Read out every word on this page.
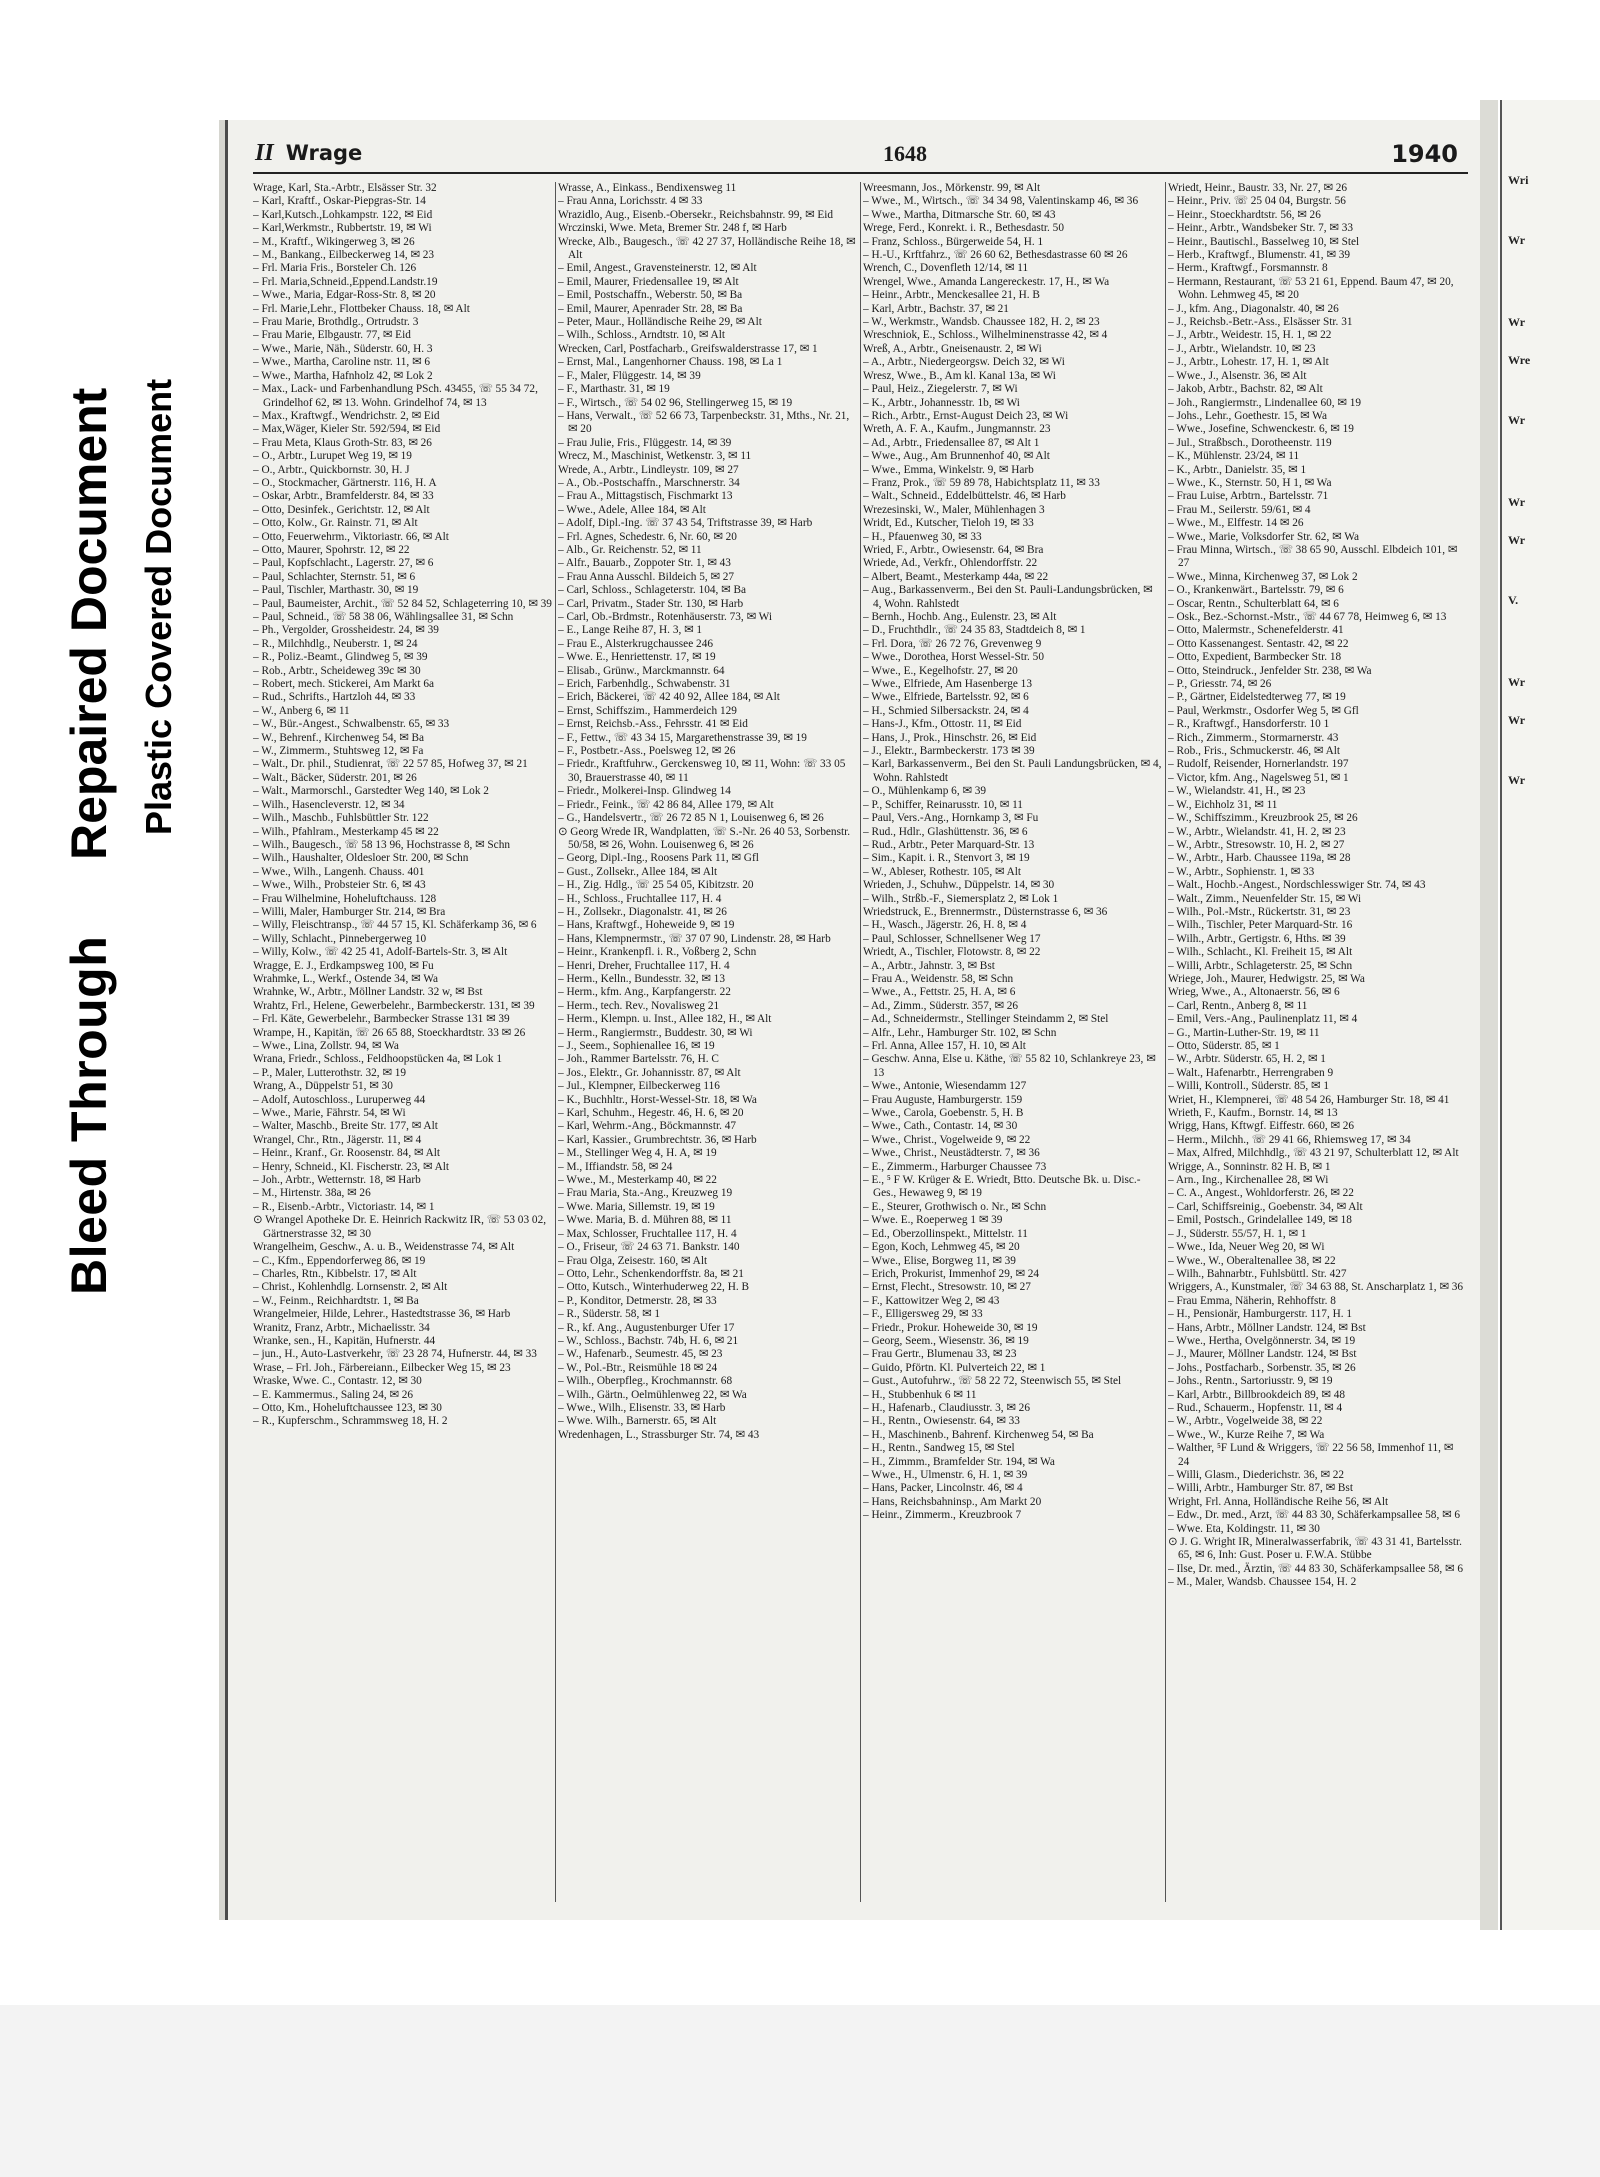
Bleed Through
Repaired Document Plastic Covered Document
II Wrage	1648	1940

Wrage, Karl, Sta.-Arbtr., Elsässer Str. 32

– Karl, Kraftf., Oskar-Piepgras-Str. 14

– Karl,Kutsch.,Lohkampstr. 122, ✉ Eid

– Karl,Werkmstr., Rubbertstr. 19, ✉ Wi

– M., Kraftf., Wikingerweg 3, ✉ 26

– M., Bankang., Eilbeckerweg 14, ✉ 23

– Frl. Maria Fris., Borsteler Ch. 126

– Frl. Maria,Schneid.,Eppend.Landstr.19

– Wwe., Maria, Edgar-Ross-Str. 8, ✉ 20

– Frl. Marie,Lehr., Flottbeker Chauss. 18, ✉ Alt

– Frau Marie, Brothdlg., Ortrudstr. 3

– Frau Marie, Elbgaustr. 77, ✉ Eid

– Wwe., Marie, Näh., Süderstr. 60, H. 3

– Wwe., Martha, Caroline nstr. 11, ✉ 6

– Wwe., Martha, Hafnholz 42, ✉ Lok 2

– Max., Lack- und Farbenhandlung PSch. 43455, ☏ 55 34 72, Grindelhof 62, ✉ 13. Wohn. Grindelhof 74, ✉ 13

– Max., Kraftwgf., Wendrichstr. 2, ✉ Eid

– Max,Wäger, Kieler Str. 592/594, ✉ Eid

– Frau Meta, Klaus Groth-Str. 83, ✉ 26

– O., Arbtr., Lurupet Weg 19, ✉ 19

– O., Arbtr., Quickbornstr. 30, H. J

– O., Stockmacher, Gärtnerstr. 116, H. A

– Oskar, Arbtr., Bramfelderstr. 84, ✉ 33

– Otto, Desinfek., Gerichtstr. 12, ✉ Alt

– Otto, Kolw., Gr. Rainstr. 71, ✉ Alt

– Otto, Feuerwehrm., Viktoriastr. 66, ✉ Alt

– Otto, Maurer, Spohrstr. 12, ✉ 22

– Paul, Kopfschlacht., Lagerstr. 27, ✉ 6

– Paul, Schlachter, Sternstr. 51, ✉ 6

– Paul, Tischler, Marthastr. 30, ✉ 19

– Paul, Baumeister, Archit., ☏ 52 84 52, Schlageterring 10, ✉ 39

– Paul, Schneid., ☏ 58 38 06, Wählingsallee 31, ✉ Schn

– Ph., Vergolder, Grossheidestr. 24, ✉ 39

– R., Milchhdlg., Neuberstr. 1, ✉ 24

– R., Poliz.-Beamt., Glindweg 5, ✉ 39

– Rob., Arbtr., Scheideweg 39c ✉ 30

– Robert, mech. Stickerei, Am Markt 6a

– Rud., Schrifts., Hartzloh 44, ✉ 33

– W., Anberg 6, ✉ 11

– W., Bür.-Angest., Schwalbenstr. 65, ✉ 33

– W., Behrenf., Kirchenweg 54, ✉ Ba

– W., Zimmerm., Stuhtsweg 12, ✉ Fa

– Walt., Dr. phil., Studienrat, ☏ 22 57 85, Hofweg 37, ✉ 21

– Walt., Bäcker, Süderstr. 201, ✉ 26

– Walt., Marmorschl., Garstedter Weg 140, ✉ Lok 2

– Wilh., Hasencleverstr. 12, ✉ 34

– Wilh., Maschb., Fuhlsbüttler Str. 122

– Wilh., Pfahlram., Mesterkamp 45 ✉ 22

– Wilh., Baugesch., ☏ 58 13 96, Hochstrasse 8, ✉ Schn

– Wilh., Haushalter, Oldesloer Str. 200, ✉ Schn

– Wwe., Wilh., Langenh. Chauss. 401

– Wwe., Wilh., Probsteier Str. 6, ✉ 43

– Frau Wilhelmine, Hoheluftchauss. 128

– Willi, Maler, Hamburger Str. 214, ✉ Bra

– Willy, Fleischtransp., ☏ 44 57 15, Kl. Schäferkamp 36, ✉ 6

– Willy, Schlacht., Pinnebergerweg 10

– Willy, Kolw., ☏ 42 25 41, Adolf-Bartels-Str. 3, ✉ Alt

Wragge, E. J., Erdkampsweg 100, ✉ Fu

Wrahmke, L., Werkf., Ostende 34, ✉ Wa

Wrahnke, W., Arbtr., Möllner Landstr. 32 w, ✉ Bst

Wrahtz, Frl., Helene, Gewerbelehr., Barmbeckerstr. 131, ✉ 39

– Frl. Käte, Gewerbelehr., Barmbecker Strasse 131 ✉ 39

Wrampe, H., Kapitän, ☏ 26 65 88, Stoeckhardtstr. 33 ✉ 26

– Wwe., Lina, Zollstr. 94, ✉ Wa

Wrana, Friedr., Schloss., Feldhoopstücken 4a, ✉ Lok 1

– P., Maler, Lutterothstr. 32, ✉ 19

Wrang, A., Düppelstr 51, ✉ 30

– Adolf, Autoschloss., Luruperweg 44

– Wwe., Marie, Fährstr. 54, ✉ Wi

– Walter, Maschb., Breite Str. 177, ✉ Alt

Wrangel, Chr., Rtn., Jägerstr. 11, ✉ 4

– Heinr., Kranf., Gr. Roosenstr. 84, ✉ Alt

– Henry, Schneid., Kl. Fischerstr. 23, ✉ Alt

– Joh., Arbtr., Wetternstr. 18, ✉ Harb

– M., Hirtenstr. 38a, ✉ 26

– R., Eisenb.-Arbtr., Victoriastr. 14, ✉ 1

⊙ Wrangel Apotheke Dr. E. Heinrich Rackwitz IR, ☏ 53 03 02, Gärtnerstrasse 32, ✉ 30

Wrangelheim, Geschw., A. u. B., Weidenstrasse 74, ✉ Alt

– C., Kfm., Eppendorferweg 86, ✉ 19

– Charles, Rtn., Kibbelstr. 17, ✉ Alt

– Christ., Kohlenhdlg. Lornsenstr. 2, ✉ Alt

– W., Feinm., Reichhardtstr. 1, ✉ Ba

Wrangelmeier, Hilde, Lehrer., Hastedtstrasse 36, ✉ Harb

Wranitz, Franz, Arbtr., Michaelisstr. 34

Wranke, sen., H., Kapitän, Hufnerstr. 44

– jun., H., Auto-Lastverkehr, ☏ 23 28 74, Hufnerstr. 44, ✉ 33

Wrase, – Frl. Joh., Färbereiann., Eilbecker Weg 15, ✉ 23

Wraske, Wwe. C., Contastr. 12, ✉ 30

– E. Kammermus., Saling 24, ✉ 26

– Otto, Km., Hoheluftchaussee 123, ✉ 30

– R., Kupferschm., Schrammsweg 18, H. 2

Wrasse, A., Einkass., Bendixensweg 11

– Frau Anna, Lorichsstr. 4 ✉ 33

Wrazidlo, Aug., Eisenb.-Obersekr., Reichsbahnstr. 99, ✉ Eid

Wrczinski, Wwe. Meta, Bremer Str. 248 f, ✉ Harb

Wrecke, Alb., Baugesch., ☏ 42 27 37, Holländische Reihe 18, ✉ Alt

– Emil, Angest., Gravensteinerstr. 12, ✉ Alt

– Emil, Maurer, Friedensallee 19, ✉ Alt

– Emil, Postschaffn., Weberstr. 50, ✉ Ba

– Emil, Maurer, Apenrader Str. 28, ✉ Ba

– Peter, Maur., Holländische Reihe 29, ✉ Alt

– Wilh., Schloss., Arndtstr. 10, ✉ Alt

Wrecken, Carl, Postfacharb., Greifswalderstrasse 17, ✉ 1

– Ernst, Mal., Langenhorner Chauss. 198, ✉ La 1

– F., Maler, Flüggestr. 14, ✉ 39

– F., Marthastr. 31, ✉ 19

– F., Wirtsch., ☏ 54 02 96, Stellingerweg 15, ✉ 19

– Hans, Verwalt., ☏ 52 66 73, Tarpenbeckstr. 31, Mths., Nr. 21, ✉ 20

– Frau Julie, Fris., Flüggestr. 14, ✉ 39

Wrecz, M., Maschinist, Wetkenstr. 3, ✉ 11

Wrede, A., Arbtr., Lindleystr. 109, ✉ 27

– A., Ob.-Postschaffn., Marschnerstr. 34

– Frau A., Mittagstisch, Fischmarkt 13

– Wwe., Adele, Allee 184, ✉ Alt

– Adolf, Dipl.-Ing. ☏ 37 43 54, Triftstrasse 39, ✉ Harb

– Frl. Agnes, Schedestr. 6, Nr. 60, ✉ 20

– Alb., Gr. Reichenstr. 52, ✉ 11

– Alfr., Bauarb., Zoppoter Str. 1, ✉ 43

– Frau Anna Ausschl. Bildeich 5, ✉ 27

– Carl, Schloss., Schlageterstr. 104, ✉ Ba

– Carl, Privatm., Stader Str. 130, ✉ Harb

– Carl, Ob.-Brdmstr., Rotenhäuserstr. 73, ✉ Wi

– E., Lange Reihe 87, H. 3, ✉ 1

– Frau E., Alsterkrugchaussee 246

– Wwe. E., Henriettenstr. 17, ✉ 19

– Elisab., Grünw., Marckmannstr. 64

– Erich, Farbenhdlg., Schwabenstr. 31

– Erich, Bäckerei, ☏ 42 40 92, Allee 184, ✉ Alt

– Ernst, Schiffszim., Hammerdeich 129

– Ernst, Reichsb.-Ass., Fehrsstr. 41 ✉ Eid

– F., Fettw., ☏ 43 34 15, Margarethenstrasse 39, ✉ 19

– F., Postbetr.-Ass., Poelsweg 12, ✉ 26

– Friedr., Kraftfuhrw., Gerckensweg 10, ✉ 11, Wohn: ☏ 33 05 30, Brauerstrasse 40, ✉ 11

– Friedr., Molkerei-Insp. Glindweg 14

– Friedr., Feink., ☏ 42 86 84, Allee 179, ✉ Alt

– G., Handelsvertr., ☏ 26 72 85 N 1, Louisenweg 6, ✉ 26

⊙ Georg Wrede IR, Wandplatten, ☏ S.-Nr. 26 40 53, Sorbenstr. 50/58, ✉ 26, Wohn. Louisenweg 6, ✉ 26

– Georg, Dipl.-Ing., Roosens Park 11, ✉ Gfl

– Gust., Zollsekr., Allee 184, ✉ Alt

– H., Zig. Hdlg., ☏ 25 54 05, Kibitzstr. 20

– H., Schloss., Fruchtallee 117, H. 4

– H., Zollsekr., Diagonalstr. 41, ✉ 26

– Hans, Kraftwgf., Hoheweide 9, ✉ 19

– Hans, Klempnermstr., ☏ 37 07 90, Lindenstr. 28, ✉ Harb

– Heinr., Krankenpfl. i. R., Voßberg 2, Schn

– Henri, Dreher, Fruchtallee 117, H. 4

– Herm., Kelln., Bundesstr. 32, ✉ 13

– Herm., kfm. Ang., Karpfangerstr. 22

– Herm., tech. Rev., Novalisweg 21

– Herm., Klempn. u. Inst., Allee 182, H., ✉ Alt

– Herm., Rangiermstr., Buddestr. 30, ✉ Wi

– J., Seem., Sophienallee 16, ✉ 19

– Joh., Rammer Bartelsstr. 76, H. C

– Jos., Elektr., Gr. Johannisstr. 87, ✉ Alt

– Jul., Klempner, Eilbeckerweg 116

– K., Buchhltr., Horst-Wessel-Str. 18, ✉ Wa

– Karl, Schuhm., Hegestr. 46, H. 6, ✉ 20

– Karl, Wehrm.-Ang., Böckmannstr. 47

– Karl, Kassier., Grumbrechtstr. 36, ✉ Harb

– M., Stellinger Weg 4, H. A, ✉ 19

– M., Iffiandstr. 58, ✉ 24

– Wwe., M., Mesterkamp 40, ✉ 22

– Frau Maria, Sta.-Ang., Kreuzweg 19

– Wwe. Maria, Sillemstr. 19, ✉ 19

– Wwe. Maria, B. d. Mühren 88, ✉ 11

– Max, Schlosser, Fruchtallee 117, H. 4

– O., Friseur, ☏ 24 63 71. Bankstr. 140

– Frau Olga, Zeisestr. 160, ✉ Alt

– Otto, Lehr., Schenkendorffstr. 8a, ✉ 21

– Otto, Kutsch., Winterhuderweg 22, H. B

– P., Konditor, Detmerstr. 28, ✉ 33

– R., Süderstr. 58, ✉ 1

– R., kf. Ang., Augustenburger Ufer 17

– W., Schloss., Bachstr. 74b, H. 6, ✉ 21

– W., Hafenarb., Seumestr. 45, ✉ 23

– W., Pol.-Btr., Reismühle 18 ✉ 24

– Wilh., Oberpfleg., Krochmannstr. 68

– Wilh., Gärtn., Oelmühlenweg 22, ✉ Wa

– Wwe., Wilh., Elisenstr. 33, ✉ Harb

– Wwe. Wilh., Barnerstr. 65, ✉ Alt

Wredenhagen, L., Strassburger Str. 74, ✉ 43

Wreesmann, Jos., Mörkenstr. 99, ✉ Alt

– Wwe., M., Wirtsch., ☏ 34 34 98, Valentinskamp 46, ✉ 36

– Wwe., Martha, Ditmarsche Str. 60, ✉ 43

Wrege, Ferd., Konrekt. i. R., Bethesdastr. 50

– Franz, Schloss., Bürgerweide 54, H. 1

– H.-U., Krftfahrz., ☏ 26 60 62, Bethesdastrasse 60 ✉ 26

Wrench, C., Dovenfleth 12/14, ✉ 11

Wrengel, Wwe., Amanda Langereckestr. 17, H., ✉ Wa

– Heinr., Arbtr., Menckesallee 21, H. B

– Karl, Arbtr., Bachstr. 37, ✉ 21

– W., Werkmstr., Wandsb. Chaussee 182, H. 2, ✉ 23

Wreschniok, E., Schloss., Wilhelminenstrasse 42, ✉ 4

Wreß, A., Arbtr., Gneisenaustr. 2, ✉ Wi

– A., Arbtr., Niedergeorgsw. Deich 32, ✉ Wi

Wresz, Wwe., B., Am kl. Kanal 13a, ✉ Wi

– Paul, Heiz., Ziegelerstr. 7, ✉ Wi

– K., Arbtr., Johannesstr. 1b, ✉ Wi

– Rich., Arbtr., Ernst-August Deich 23, ✉ Wi

Wreth, A. F. A., Kaufm., Jungmannstr. 23

– Ad., Arbtr., Friedensallee 87, ✉ Alt 1

– Wwe., Aug., Am Brunnenhof 40, ✉ Alt

– Wwe., Emma, Winkelstr. 9, ✉ Harb

– Franz, Prok., ☏ 59 89 78, Habichtsplatz 11, ✉ 33

– Walt., Schneid., Eddelbüttelstr. 46, ✉ Harb

Wrezesinski, W., Maler, Mühlenhagen 3

Wridt, Ed., Kutscher, Tieloh 19, ✉ 33

– H., Pfauenweg 30, ✉ 33

Wried, F., Arbtr., Owiesenstr. 64, ✉ Bra

Wriede, Ad., Verkfr., Ohlendorffstr. 22

– Albert, Beamt., Mesterkamp 44a, ✉ 22

– Aug., Barkassenverm., Bei den St. Pauli-Landungsbrücken, ✉ 4, Wohn. Rahlstedt

– Bernh., Hochb. Ang., Eulenstr. 23, ✉ Alt

– D., Fruchthdlr., ☏ 24 35 83, Stadtdeich 8, ✉ 1

– Frl. Dora, ☏ 26 72 76, Grevenweg 9

– Wwe., Dorothea, Horst Wessel-Str. 50

– Wwe., E., Kegelhofstr. 27, ✉ 20

– Wwe., Elfriede, Am Hasenberge 13

– Wwe., Elfriede, Bartelsstr. 92, ✉ 6

– H., Schmied Silbersackstr. 24, ✉ 4

– Hans-J., Kfm., Ottostr. 11, ✉ Eid

– Hans, J., Prok., Hinschstr. 26, ✉ Eid

– J., Elektr., Barmbeckerstr. 173 ✉ 39

– Karl, Barkassenverm., Bei den St. Pauli Landungsbrücken, ✉ 4, Wohn. Rahlstedt

– O., Mühlenkamp 6, ✉ 39

– P., Schiffer, Reinarusstr. 10, ✉ 11

– Paul, Vers.-Ang., Hornkamp 3, ✉ Fu

– Rud., Hdlr., Glashüttenstr. 36, ✉ 6

– Rud., Arbtr., Peter Marquard-Str. 13

– Sim., Kapit. i. R., Stenvort 3, ✉ 19

– W., Ableser, Rothestr. 105, ✉ Alt

Wrieden, J., Schuhw., Düppelstr. 14, ✉ 30

– Wilh., Strßb.-F., Siemersplatz 2, ✉ Lok 1

Wriedstruck, E., Brennermstr., Düsternstrasse 6, ✉ 36

– H., Wasch., Jägerstr. 26, H. 8, ✉ 4

– Paul, Schlosser, Schnellsener Weg 17

Wriedt, A., Tischler, Flotowstr. 8, ✉ 22

– A., Arbtr., Jahnstr. 3, ✉ Bst

– Frau A., Weidenstr. 58, ✉ Schn

– Wwe., A., Fettstr. 25, H. A, ✉ 6

– Ad., Zimm., Süderstr. 357, ✉ 26

– Ad., Schneidermstr., Stellinger Steindamm 2, ✉ Stel

– Alfr., Lehr., Hamburger Str. 102, ✉ Schn

– Frl. Anna, Allee 157, H. 10, ✉ Alt

– Geschw. Anna, Else u. Käthe, ☏ 55 82 10, Schlankreye 23, ✉ 13

– Wwe., Antonie, Wiesendamm 127

– Frau Auguste, Hamburgerstr. 159

– Wwe., Carola, Goebenstr. 5, H. B

– Wwe., Cath., Contastr. 14, ✉ 30

– Wwe., Christ., Vogelweide 9, ✉ 22

– Wwe., Christ., Neustädterstr. 7, ✉ 36

– E., Zimmerm., Harburger Chaussee 73

– E., ⁵ F W. Krüger & E. Wriedt, Btto. Deutsche Bk. u. Disc.-Ges., Hewaweg 9, ✉ 19

– E., Steurer, Grothwisch o. Nr., ✉ Schn

– Wwe. E., Roeperweg 1 ✉ 39

– Ed., Oberzollinspekt., Mittelstr. 11

– Egon, Koch, Lehmweg 45, ✉ 20

– Wwe., Elise, Borgweg 11, ✉ 39

– Erich, Prokurist, Immenhof 29, ✉ 24

– Ernst, Flecht., Stresowstr. 10, ✉ 27

– F., Kattowitzer Weg 2, ✉ 43

– F., Elligersweg 29, ✉ 33

– Friedr., Prokur. Hoheweide 30, ✉ 19

– Georg, Seem., Wiesenstr. 36, ✉ 19

– Frau Gertr., Blumenau 33, ✉ 23

– Guido, Pförtn. Kl. Pulverteich 22, ✉ 1

– Gust., Autofuhrw., ☏ 58 22 72, Steenwisch 55, ✉ Stel

– H., Stubbenhuk 6 ✉ 11

– H., Hafenarb., Claudiusstr. 3, ✉ 26

– H., Rentn., Owiesenstr. 64, ✉ 33

– H., Maschinenb., Bahrenf. Kirchenweg 54, ✉ Ba

– H., Rentn., Sandweg 15, ✉ Stel

– H., Zimmm., Bramfelder Str. 194, ✉ Wa

– Wwe., H., Ulmenstr. 6, H. 1, ✉ 39

– Hans, Packer, Lincolnstr. 46, ✉ 4

– Hans, Reichsbahninsp., Am Markt 20

– Heinr., Zimmerm., Kreuzbrook 7

Wriedt, Heinr., Baustr. 33, Nr. 27, ✉ 26

– Heinr., Priv. ☏ 25 04 04, Burgstr. 56

– Heinr., Stoeckhardtstr. 56, ✉ 26

– Heinr., Arbtr., Wandsbeker Str. 7, ✉ 33

– Heinr., Bautischl., Basselweg 10, ✉ Stel

– Herb., Kraftwgf., Blumenstr. 41, ✉ 39

– Herm., Kraftwgf., Forsmannstr. 8

– Hermann, Restaurant, ☏ 53 21 61, Eppend. Baum 47, ✉ 20, Wohn. Lehmweg 45, ✉ 20

– J., kfm. Ang., Diagonalstr. 40, ✉ 26

– J., Reichsb.-Betr.-Ass., Elsässer Str. 31

– J., Arbtr., Weidestr. 15, H. 1, ✉ 22

– J., Arbtr., Wielandstr. 10, ✉ 23

– J., Arbtr., Lohestr. 17, H. 1, ✉ Alt

– Wwe., J., Alsenstr. 36, ✉ Alt

– Jakob, Arbtr., Bachstr. 82, ✉ Alt

– Joh., Rangiermstr., Lindenallee 60, ✉ 19

– Johs., Lehr., Goethestr. 15, ✉ Wa

– Wwe., Josefine, Schwenckestr. 6, ✉ 19

– Jul., Straßbsch., Dorotheenstr. 119

– K., Mühlenstr. 23/24, ✉ 11

– K., Arbtr., Danielstr. 35, ✉ 1

– Wwe., K., Sternstr. 50, H 1, ✉ Wa

– Frau Luise, Arbtrn., Bartelsstr. 71

– Frau M., Seilerstr. 59/61, ✉ 4

– Wwe., M., Elffestr. 14 ✉ 26

– Wwe., Marie, Volksdorfer Str. 62, ✉ Wa

– Frau Minna, Wirtsch., ☏ 38 65 90, Ausschl. Elbdeich 101, ✉ 27

– Wwe., Minna, Kirchenweg 37, ✉ Lok 2

– O., Krankenwärt., Bartelsstr. 79, ✉ 6

– Oscar, Rentn., Schulterblatt 64, ✉ 6

– Osk., Bez.-Schornst.-Mstr., ☏ 44 67 78, Heimweg 6, ✉ 13

– Otto, Malermstr., Schenefelderstr. 41

– Otto Kassenangest. Sentastr. 42, ✉ 22

– Otto, Expedient, Barmbecker Str. 18

– Otto, Steindruck., Jenfelder Str. 238, ✉ Wa

– P., Griesstr. 74, ✉ 26

– P., Gärtner, Eidelstedterweg 77, ✉ 19

– Paul, Werkmstr., Osdorfer Weg 5, ✉ Gfl

– R., Kraftwgf., Hansdorferstr. 10 1

– Rich., Zimmerm., Stormarnerstr. 43

– Rob., Fris., Schmuckerstr. 46, ✉ Alt

– Rudolf, Reisender, Hornerlandstr. 197

– Victor, kfm. Ang., Nagelsweg 51, ✉ 1

– W., Wielandstr. 41, H., ✉ 23

– W., Eichholz 31, ✉ 11

– W., Schiffszimm., Kreuzbrook 25, ✉ 26

– W., Arbtr., Wielandstr. 41, H. 2, ✉ 23

– W., Arbtr., Stresowstr. 10, H. 2, ✉ 27

– W., Arbtr., Harb. Chaussee 119a, ✉ 28

– W., Arbtr., Sophienstr. 1, ✉ 33

– Walt., Hochb.-Angest., Nordschlesswiger Str. 74, ✉ 43

– Walt., Zimm., Neuenfelder Str. 15, ✉ Wi

– Wilh., Pol.-Mstr., Rückertstr. 31, ✉ 23

– Wilh., Tischler, Peter Marquard-Str. 16

– Wilh., Arbtr., Gertigstr. 6, Hths. ✉ 39

– Wilh., Schlacht., Kl. Freiheit 15, ✉ Alt

– Willi, Arbtr., Schlageterstr. 25, ✉ Schn

Wriege, Joh., Maurer, Hedwigstr. 25, ✉ Wa

Wrieg, Wwe., A., Altonaerstr. 56, ✉ 6

– Carl, Rentn., Anberg 8, ✉ 11

– Emil, Vers.-Ang., Paulinenplatz 11, ✉ 4

– G., Martin-Luther-Str. 19, ✉ 11

– Otto, Süderstr. 85, ✉ 1

– W., Arbtr. Süderstr. 65, H. 2, ✉ 1

– Walt., Hafenarbtr., Herrengraben 9

– Willi, Kontroll., Süderstr. 85, ✉ 1

Wriet, H., Klempnerei, ☏ 48 54 26, Hamburger Str. 18, ✉ 41

Wrieth, F., Kaufm., Bornstr. 14, ✉ 13

Wrigg, Hans, Kftwgf. Eiffestr. 660, ✉ 26

– Herm., Milchh., ☏ 29 41 66, Rhiemsweg 17, ✉ 34

– Max, Alfred, Milchhdlg., ☏ 43 21 97, Schulterblatt 12, ✉ Alt

Wrigge, A., Sonninstr. 82 H. B, ✉ 1

– Arn., Ing., Kirchenallee 28, ✉ Wi

– C. A., Angest., Wohldorferstr. 26, ✉ 22

– Carl, Schiffsreinig., Goebenstr. 34, ✉ Alt

– Emil, Postsch., Grindelallee 149, ✉ 18

– J., Süderstr. 55/57, H. 1, ✉ 1

– Wwe., Ida, Neuer Weg 20, ✉ Wi

– Wwe., W., Oberaltenallee 38, ✉ 22

– Wilh., Bahnarbtr., Fuhlsbüttl. Str. 427

Wriggers, A., Kunstmaler, ☏ 34 63 88, St. Anscharplatz 1, ✉ 36

– Frau Emma, Näherin, Rehhoffstr. 8

– H., Pensionär, Hamburgerstr. 117, H. 1

– Hans, Arbtr., Möllner Landstr. 124, ✉ Bst

– Wwe., Hertha, Ovelgönnerstr. 34, ✉ 19

– J., Maurer, Möllner Landstr. 124, ✉ Bst

– Johs., Postfacharb., Sorbenstr. 35, ✉ 26

– Johs., Rentn., Sartoriusstr. 9, ✉ 19

– Karl, Arbtr., Billbrookdeich 89, ✉ 48

– Rud., Schauerm., Hopfenstr. 11, ✉ 4

– W., Arbtr., Vogelweide 38, ✉ 22

– Wwe., W., Kurze Reihe 7, ✉ Wa

– Walther, ⁵F Lund & Wriggers, ☏ 22 56 58, Immenhof 11, ✉ 24

– Willi, Glasm., Diederichstr. 36, ✉ 22

– Willi, Arbtr., Hamburger Str. 87, ✉ Bst

Wright, Frl. Anna, Holländische Reihe 56, ✉ Alt

– Edw., Dr. med., Arzt, ☏ 44 83 30, Schäferkampsallee 58, ✉ 6

– Wwe. Eta, Koldingstr. 11, ✉ 30

⊙ J. G. Wright IR, Mineralwasserfabrik, ☏ 43 31 41, Bartelsstr. 65, ✉ 6, Inh: Gust. Poser u. F.W.A. Stübbe

– Ilse, Dr. med., Ärztin, ☏ 44 83 30, Schäferkampsallee 58, ✉ 6

– M., Maler, Wandsb. Chaussee 154, H. 2

Wri
Wr
Wr
Wre
Wr
Wr
Wr
V.
Wr
Wr
Wr
